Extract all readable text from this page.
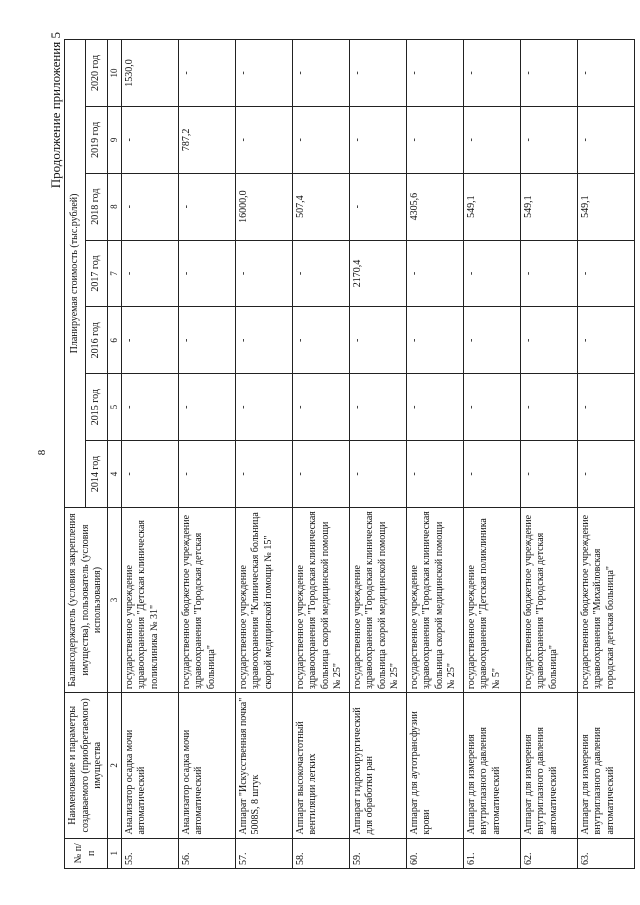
8
Продолжение приложения 5
№ п/п	Наименование и параметры создаваемого (приобретаемого) имущества	Балансодержатель (условия закрепления имущества), пользователь (условия использования)	Планируемая стоимость (тыс.рублей)						
			2014 год	2015 год	2016 год	2017 год	2018 год	2019 год	2020 год
1	2	3	4	5	6	7	8	9	10
55.	Анализатор осадка мочи автоматический	государственное учреждение здравоохранения "Детская клиническая поликлиника № 31"	-	-	-	-	-	-	1530,0
56.	Анализатор осадка мочи автоматический	государственное бюджетное учреждение здравоохранения "Городская детская больница"	-	-	-	-	-	787,2	-
57.	Аппарат "Искусственная почка" 5008S, 8 штук	государственное учреждение здравоохранения "Клиническая больница скорой медицинской помощи № 15"	-	-	-	-	16000,0	-	-
58.	Аппарат высокочастотный вентиляции легких	государственное учреждение здравоохранения "Городская клиническая больница скорой медицинской помощи № 25"	-	-	-	-	507,4	-	-
59.	Аппарат гидрохирургический для обработки ран	государственное учреждение здравоохранения "Городская клиническая больница скорой медицинской помощи № 25"	-	-	-	2170,4	-	-	-
60.	Аппарат для аутотрансфузии крови	государственное учреждение здравоохранения "Городская клиническая больница скорой медицинской помощи № 25"	-	-	-	-	4305,6	-	-
61.	Аппарат для измерения внутриглазного давления автоматический	государственное учреждение здравоохранения "Детская поликлиника № 5"	-	-	-	-	549,1	-	-
62.	Аппарат для измерения внутриглазного давления автоматический	государственное бюджетное учреждение здравоохранения "Городская детская больница"	-	-	-	-	549,1	-	-
63.	Аппарат для измерения внутриглазного давления автоматический	государственное бюджетное учреждение здравоохранения "Михайловская городская детская больница"	-	-	-	-	549,1	-	-
